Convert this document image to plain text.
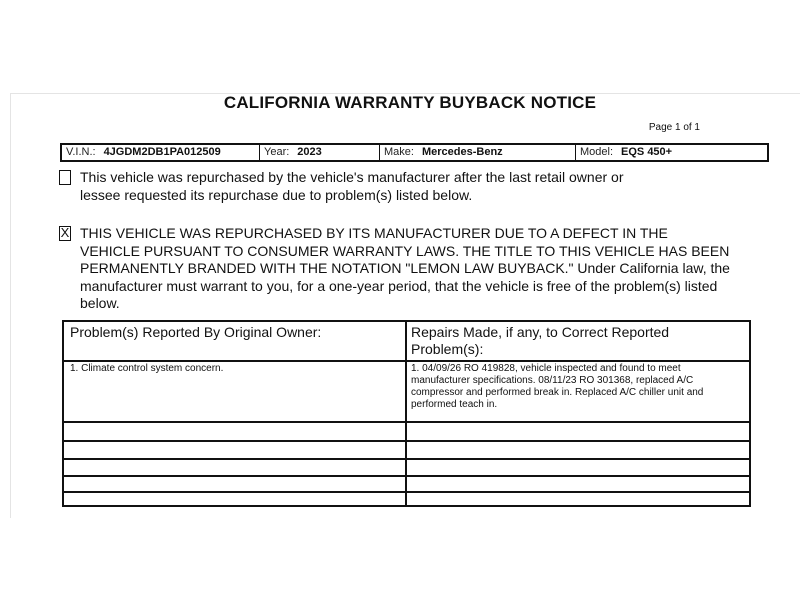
CALIFORNIA WARRANTY BUYBACK NOTICE
Page 1 of 1
V.I.N.: 4JGDM2DB1PA012509	Year: 2023	Make: Mercedes-Benz	Model: EQS 450+
This vehicle was repurchased by the vehicle's manufacturer after the last retail owner or lessee requested its repurchase due to problem(s) listed below.
X THIS VEHICLE WAS REPURCHASED BY ITS MANUFACTURER DUE TO A DEFECT IN THE VEHICLE PURSUANT TO CONSUMER WARRANTY LAWS. THE TITLE TO THIS VEHICLE HAS BEEN PERMANENTLY BRANDED WITH THE NOTATION "LEMON LAW BUYBACK." Under California law, the manufacturer must warrant to you, for a one-year period, that the vehicle is free of the problem(s) listed below.
Problem(s) Reported By Original Owner:	Repairs Made, if any, to Correct Reported Problem(s):
1. Climate control system concern.	1. 04/09/26 RO 419828, vehicle inspected and found to meet manufacturer specifications. 08/11/23 RO 301368, replaced A/C compressor and performed break in. Replaced A/C chiller unit and performed teach in.
